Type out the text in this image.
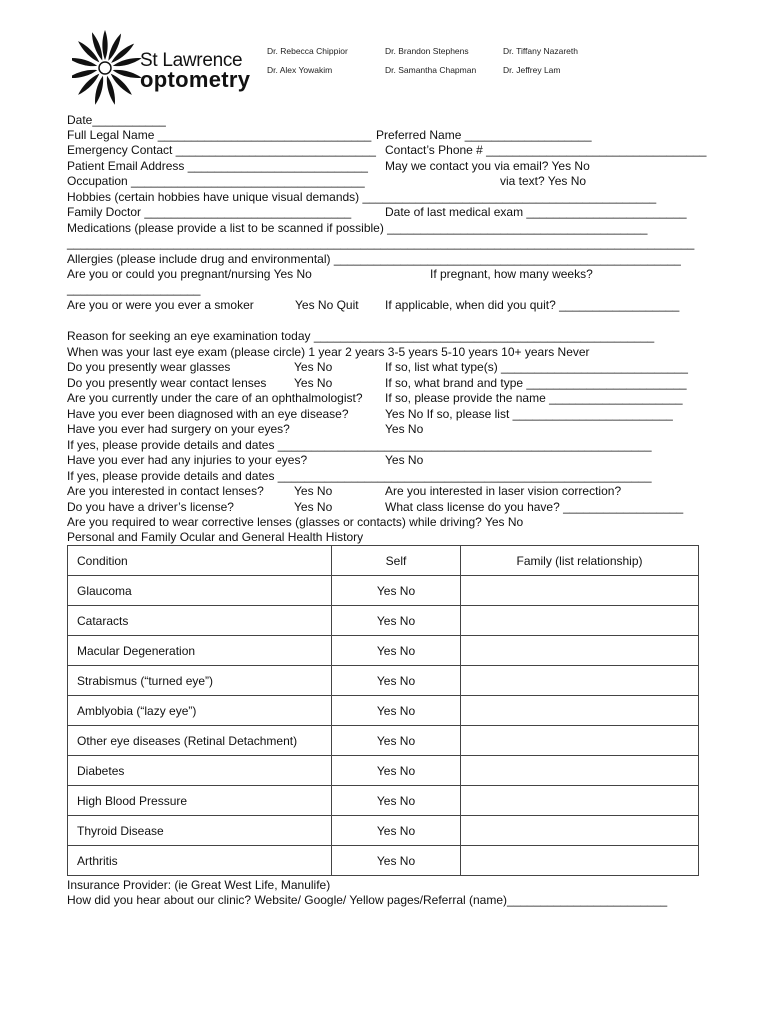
St Lawrence
optometry
Dr. Rebecca Chippior	Dr. Brandon Stephens	Dr. Tiffany Nazareth
Dr. Alex Yowakim	Dr. Samantha Chapman	Dr. Jeffrey Lam
Date___________
Full Legal Name ________________________________ Preferred Name ___________________
Emergency Contact ______________________________ Contact’s Phone # _________________________________
Patient Email Address ___________________________ May we contact you via email? Yes No
Occupation ___________________________________	via text? Yes No
Hobbies (certain hobbies have unique visual demands) ____________________________________________
Family Doctor _______________________________	Date of last medical exam ________________________
Medications (please provide a list to be scanned if possible) _______________________________________
______________________________________________________________________________________________
Allergies (please include drug and environmental) ____________________________________________________
Are you or could you pregnant/nursing Yes No	If pregnant, how many weeks?
____________________
Are you or were you ever a smoker	Yes No Quit If applicable, when did you quit? __________________
Reason for seeking an eye examination today ___________________________________________________
When was your last eye exam (please circle) 1 year 2 years 3-5 years 5-10 years 10+ years Never
Do you presently wear glasses	Yes No	If so, list what type(s) ____________________________
Do you presently wear contact lenses Yes No	If so, what brand and type ________________________
Are you currently under the care of an ophthalmologist? If so, please provide the name ____________________
Have you ever been diagnosed with an eye disease?	Yes No If so, please list ________________________
Have you ever had surgery on your eyes?	Yes No
If yes, please provide details and dates ________________________________________________________
Have you ever had any injuries to your eyes?	Yes No
If yes, please provide details and dates ________________________________________________________
Are you interested in contact lenses?	Yes No	Are you interested in laser vision correction?
Do you have a driver’s license?	Yes No	What class license do you have? __________________
Are you required to wear corrective lenses (glasses or contacts) while driving? Yes No
Personal and Family Ocular and General Health History
Condition	Self	Family (list relationship)
Glaucoma	Yes No	
Cataracts	Yes No	
Macular Degeneration	Yes No	
Strabismus (“turned eye”)	Yes No	
Amblyobia (“lazy eye”)	Yes No	
Other eye diseases (Retinal Detachment)	Yes No	
Diabetes	Yes No	
High Blood Pressure	Yes No	
Thyroid Disease	Yes No	
Arthritis	Yes No	
Insurance Provider: (ie Great West Life, Manulife)
How did you hear about our clinic? Website/ Google/ Yellow pages/Referral (name)________________________
